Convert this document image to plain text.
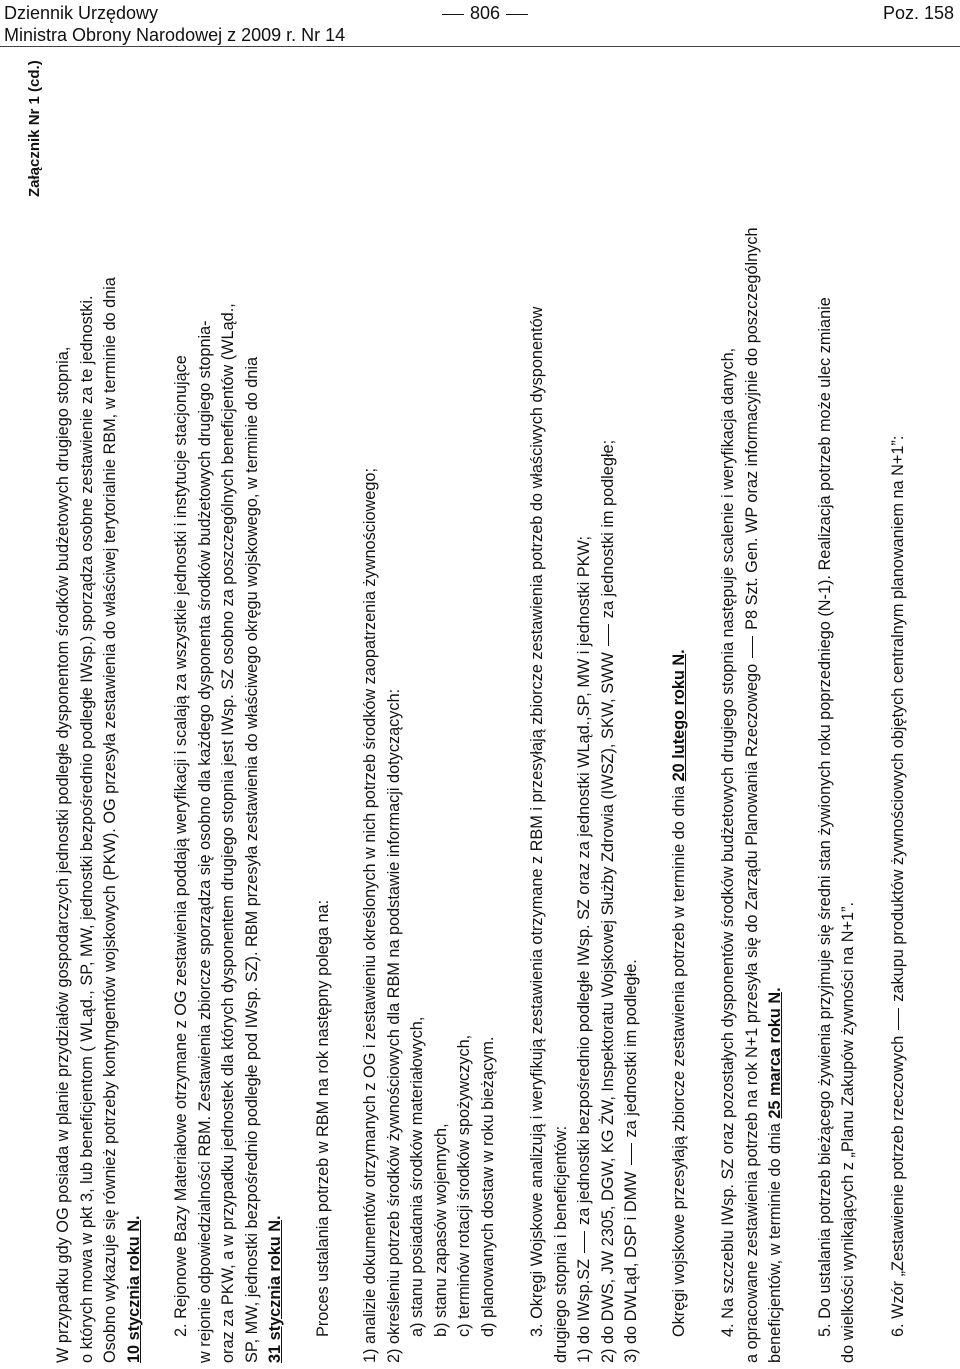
Dziennik Urzędowy
Ministra Obrony Narodowej z 2009 r. Nr 14
806	Poz. 158
Załącznik Nr 1 (cd.)

W przypadku gdy OG posiada w planie przydziałów gospodarczych jednostki podległe dysponentom środków budżetowych drugiego stopnia, o których mowa w pkt 3, lub beneficjentom ( WLąd., SP, MW, jednostki bezpośrednio podległe IWsp.) sporządza osobne zestawienie za te jednostki. Osobno wykazuje się również potrzeby kontyngentów wojskowych (PKW). OG przesyła zestawienia do właściwej terytorialnie RBM, w terminie do dnia 10 stycznia roku N. 2. Rejonowe Bazy Materiałowe otrzymane z OG zestawienia poddają weryfikacji i scalają za wszystkie jednostki i instytucje stacjonujące w rejonie odpowiedzialności RBM. Zestawienia zbiorcze sporządza się osobno dla każdego dysponenta środków budżetowych drugiego stopnia- oraz za PKW, a w przypadku jednostek dla których dysponentem drugiego stopnia jest IWsp. SZ osobno za poszczególnych beneficjentów (WLąd., SP, MW, jednostki bezpośrednio podległe pod IWsp. SZ). RBM przesyła zestawienia do właściwego okręgu wojskowego, w terminie do dnia 31 stycznia roku N. Proces ustalania potrzeb w RBM na rok następny polega na: 1) analizie dokumentów otrzymanych z OG i zestawieniu określonych w nich potrzeb środków zaopatrzenia żywnościowego; 2) określeniu potrzeb środków żywnościowych dla RBM na podstawie informacji dotyczących: a) stanu posiadania środków materiałowych, b) stanu zapasów wojennych, c) terminów rotacji środków spożywczych, d) planowanych dostaw w roku bieżącym. 3. Okręgi Wojskowe analizują i weryfikują zestawienia otrzymane z RBM i przesyłają zbiorcze zestawienia potrzeb do właściwych dysponentów drugiego stopnia i beneficjentów: 1) do IWsp.SZza jednostki bezpośrednio podległe IWsp. SZ oraz za jednostki WLąd.,SP, MW i jednostki PKW; 2) do DWS, JW 2305, DGW, KG ŻW, Inspektoratu Wojskowej Służby Zdrowia (IWSZ), SKW, SWWza jednostki im podległe;

3) do DWLąd, DSP i DMWza jednostki im podległe. Okręgi wojskowe przesyłają zbiorcze zestawienia potrzeb w terminie do dnia 20 lutego roku N. 4. Na szczeblu IWsp. SZ oraz pozostałych dysponentów środków budżetowych drugiego stopnia następuje scalenie i weryfikacja danych, a opracowane zestawienia potrzeb na rok N+1 przesyła się do Zarządu Planowania RzeczowegoP8 Szt. Gen. WP oraz informacyjnie do poszczególnych

beneficjentów, w terminie do dnia 25 marca roku N. 5. Do ustalania potrzeb bieżącego żywienia przyjmuje się średni stan żywionych roku poprzedniego (N-1). Realizacja potrzeb może ulec zmianie do wielkości wynikających z „Planu Zakupów żywności na N+1”. 6. Wzór „Zestawienie potrzeb rzeczowychzakupu produktów żywnościowych objętych centralnym planowaniem na N+1”:
